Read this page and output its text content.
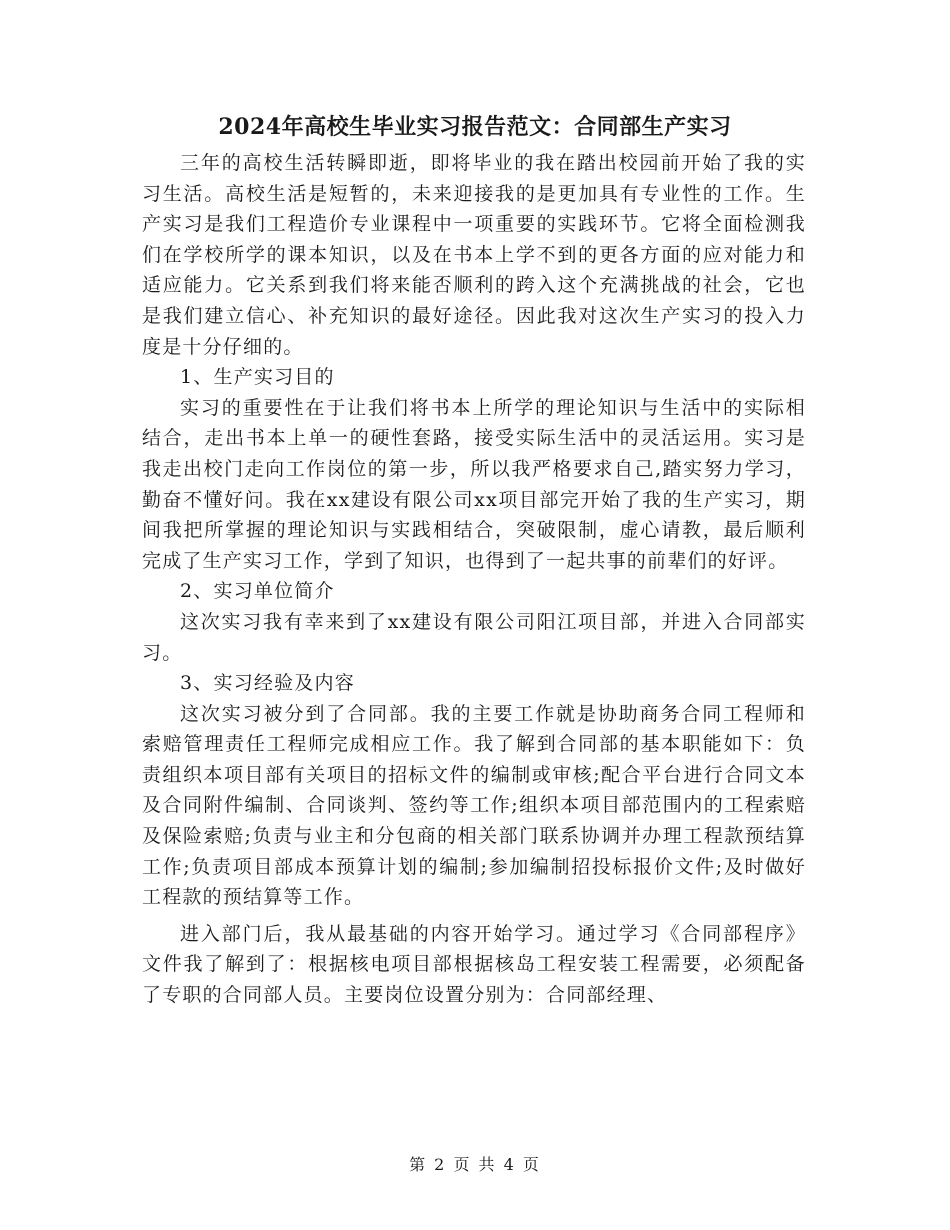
2024年高校生毕业实习报告范文：合同部生产实习

三年的高校生活转瞬即逝，即将毕业的我在踏出校园前开始了我的实习生活。高校生活是短暂的，未来迎接我的是更加具有专业性的工作。生产实习是我们工程造价专业课程中一项重要的实践环节。它将全面检测我们在学校所学的课本知识，以及在书本上学不到的更各方面的应对能力和适应能力。它关系到我们将来能否顺利的跨入这个充满挑战的社会，它也是我们建立信心、补充知识的最好途径。因此我对这次生产实习的投入力度是十分仔细的。

1、生产实习目的

实习的重要性在于让我们将书本上所学的理论知识与生活中的实际相结合，走出书本上单一的硬性套路，接受实际生活中的灵活运用。实习是我走出校门走向工作岗位的第一步，所以我严格要求自己,踏实努力学习，勤奋不懂好问。我在xx建设有限公司xx项目部完开始了我的生产实习，期间我把所掌握的理论知识与实践相结合，突破限制，虚心请教，最后顺利完成了生产实习工作，学到了知识，也得到了一起共事的前辈们的好评。

2、实习单位简介

这次实习我有幸来到了xx建设有限公司阳江项目部，并进入合同部实习。

3、实习经验及内容

这次实习被分到了合同部。我的主要工作就是协助商务合同工程师和索赔管理责任工程师完成相应工作。我了解到合同部的基本职能如下：负责组织本项目部有关项目的招标文件的编制或审核;配合平台进行合同文本及合同附件编制、合同谈判、签约等工作;组织本项目部范围内的工程索赔及保险索赔;负责与业主和分包商的相关部门联系协调并办理工程款预结算工作;负责项目部成本预算计划的编制;参加编制招投标报价文件;及时做好工程款的预结算等工作。

进入部门后，我从最基础的内容开始学习。通过学习《合同部程序》文件我了解到了：根据核电项目部根据核岛工程安装工程需要，必须配备了专职的合同部人员。主要岗位设置分别为：合同部经理、

第 2 页 共 4 页
